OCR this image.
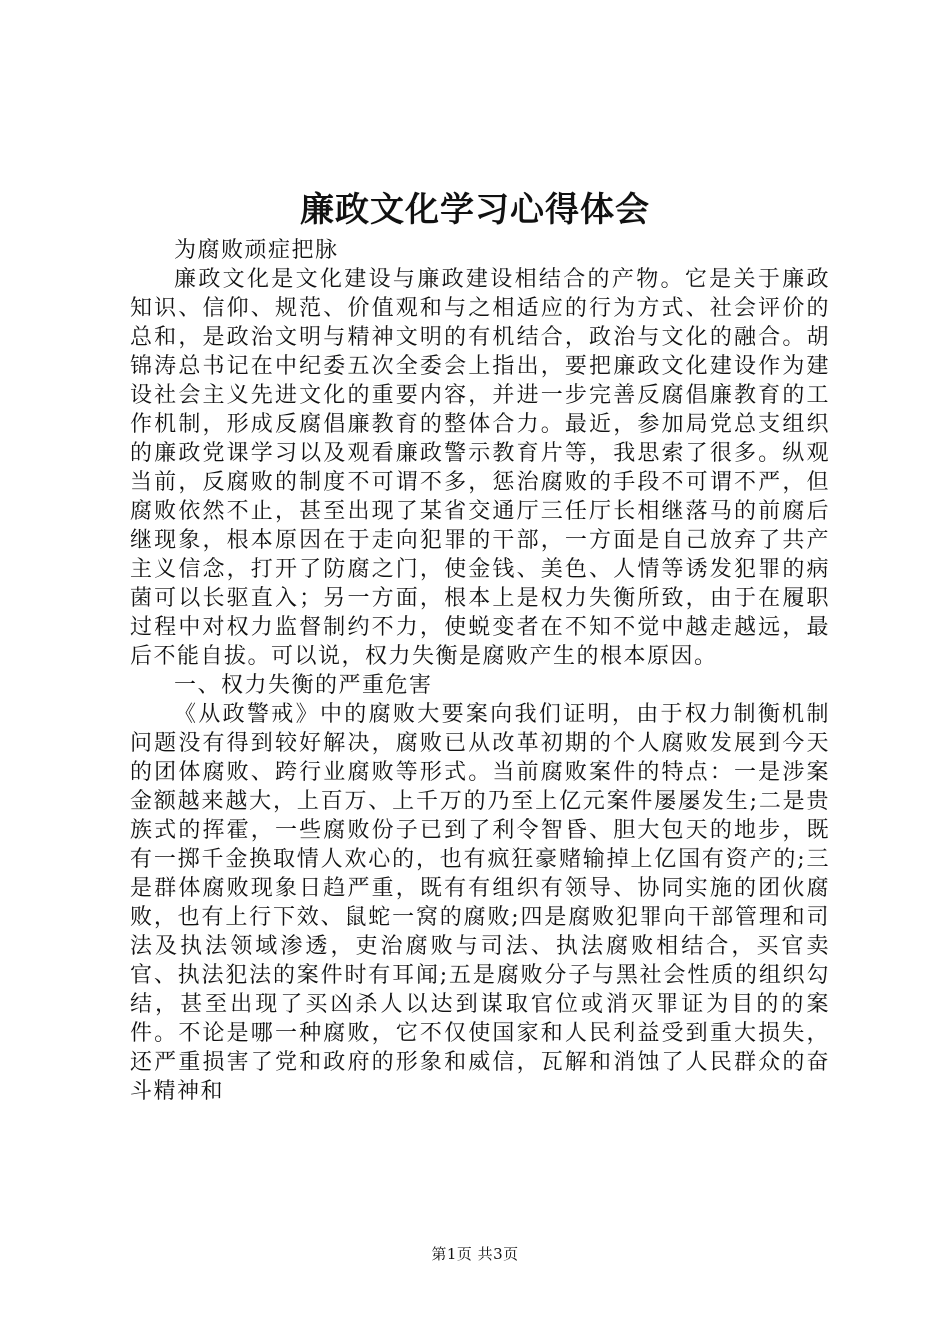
廉政文化学习心得体会

为腐败顽症把脉

廉政文化是文化建设与廉政建设相结合的产物。它是关于廉政知识、信仰、规范、价值观和与之相适应的行为方式、社会评价的总和，是政治文明与精神文明的有机结合，政治与文化的融合。胡锦涛总书记在中纪委五次全委会上指出，要把廉政文化建设作为建设社会主义先进文化的重要内容，并进一步完善反腐倡廉教育的工作机制，形成反腐倡廉教育的整体合力。最近，参加局党总支组织的廉政党课学习以及观看廉政警示教育片等，我思索了很多。纵观当前，反腐败的制度不可谓不多，惩治腐败的手段不可谓不严，但腐败依然不止，甚至出现了某省交通厅三任厅长相继落马的前腐后继现象，根本原因在于走向犯罪的干部，一方面是自己放弃了共产主义信念，打开了防腐之门，使金钱、美色、人情等诱发犯罪的病菌可以长驱直入；另一方面，根本上是权力失衡所致，由于在履职过程中对权力监督制约不力，使蜕变者在不知不觉中越走越远，最后不能自拔。可以说，权力失衡是腐败产生的根本原因。

一、权力失衡的严重危害

《从政警戒》中的腐败大要案向我们证明，由于权力制衡机制问题没有得到较好解决，腐败已从改革初期的个人腐败发展到今天的团体腐败、跨行业腐败等形式。当前腐败案件的特点：一是涉案金额越来越大，上百万、上千万的乃至上亿元案件屡屡发生;二是贵族式的挥霍，一些腐败份子已到了利令智昏、胆大包天的地步，既有一掷千金换取情人欢心的，也有疯狂豪赌输掉上亿国有资产的;三是群体腐败现象日趋严重，既有有组织有领导、协同实施的团伙腐败，也有上行下效、鼠蛇一窝的腐败;四是腐败犯罪向干部管理和司法及执法领域渗透，吏治腐败与司法、执法腐败相结合，买官卖官、执法犯法的案件时有耳闻;五是腐败分子与黑社会性质的组织勾结，甚至出现了买凶杀人以达到谋取官位或消灭罪证为目的的案件。不论是哪一种腐败，它不仅使国家和人民利益受到重大损失，还严重损害了党和政府的形象和威信，瓦解和消蚀了人民群众的奋斗精神和

第1页 共3页
